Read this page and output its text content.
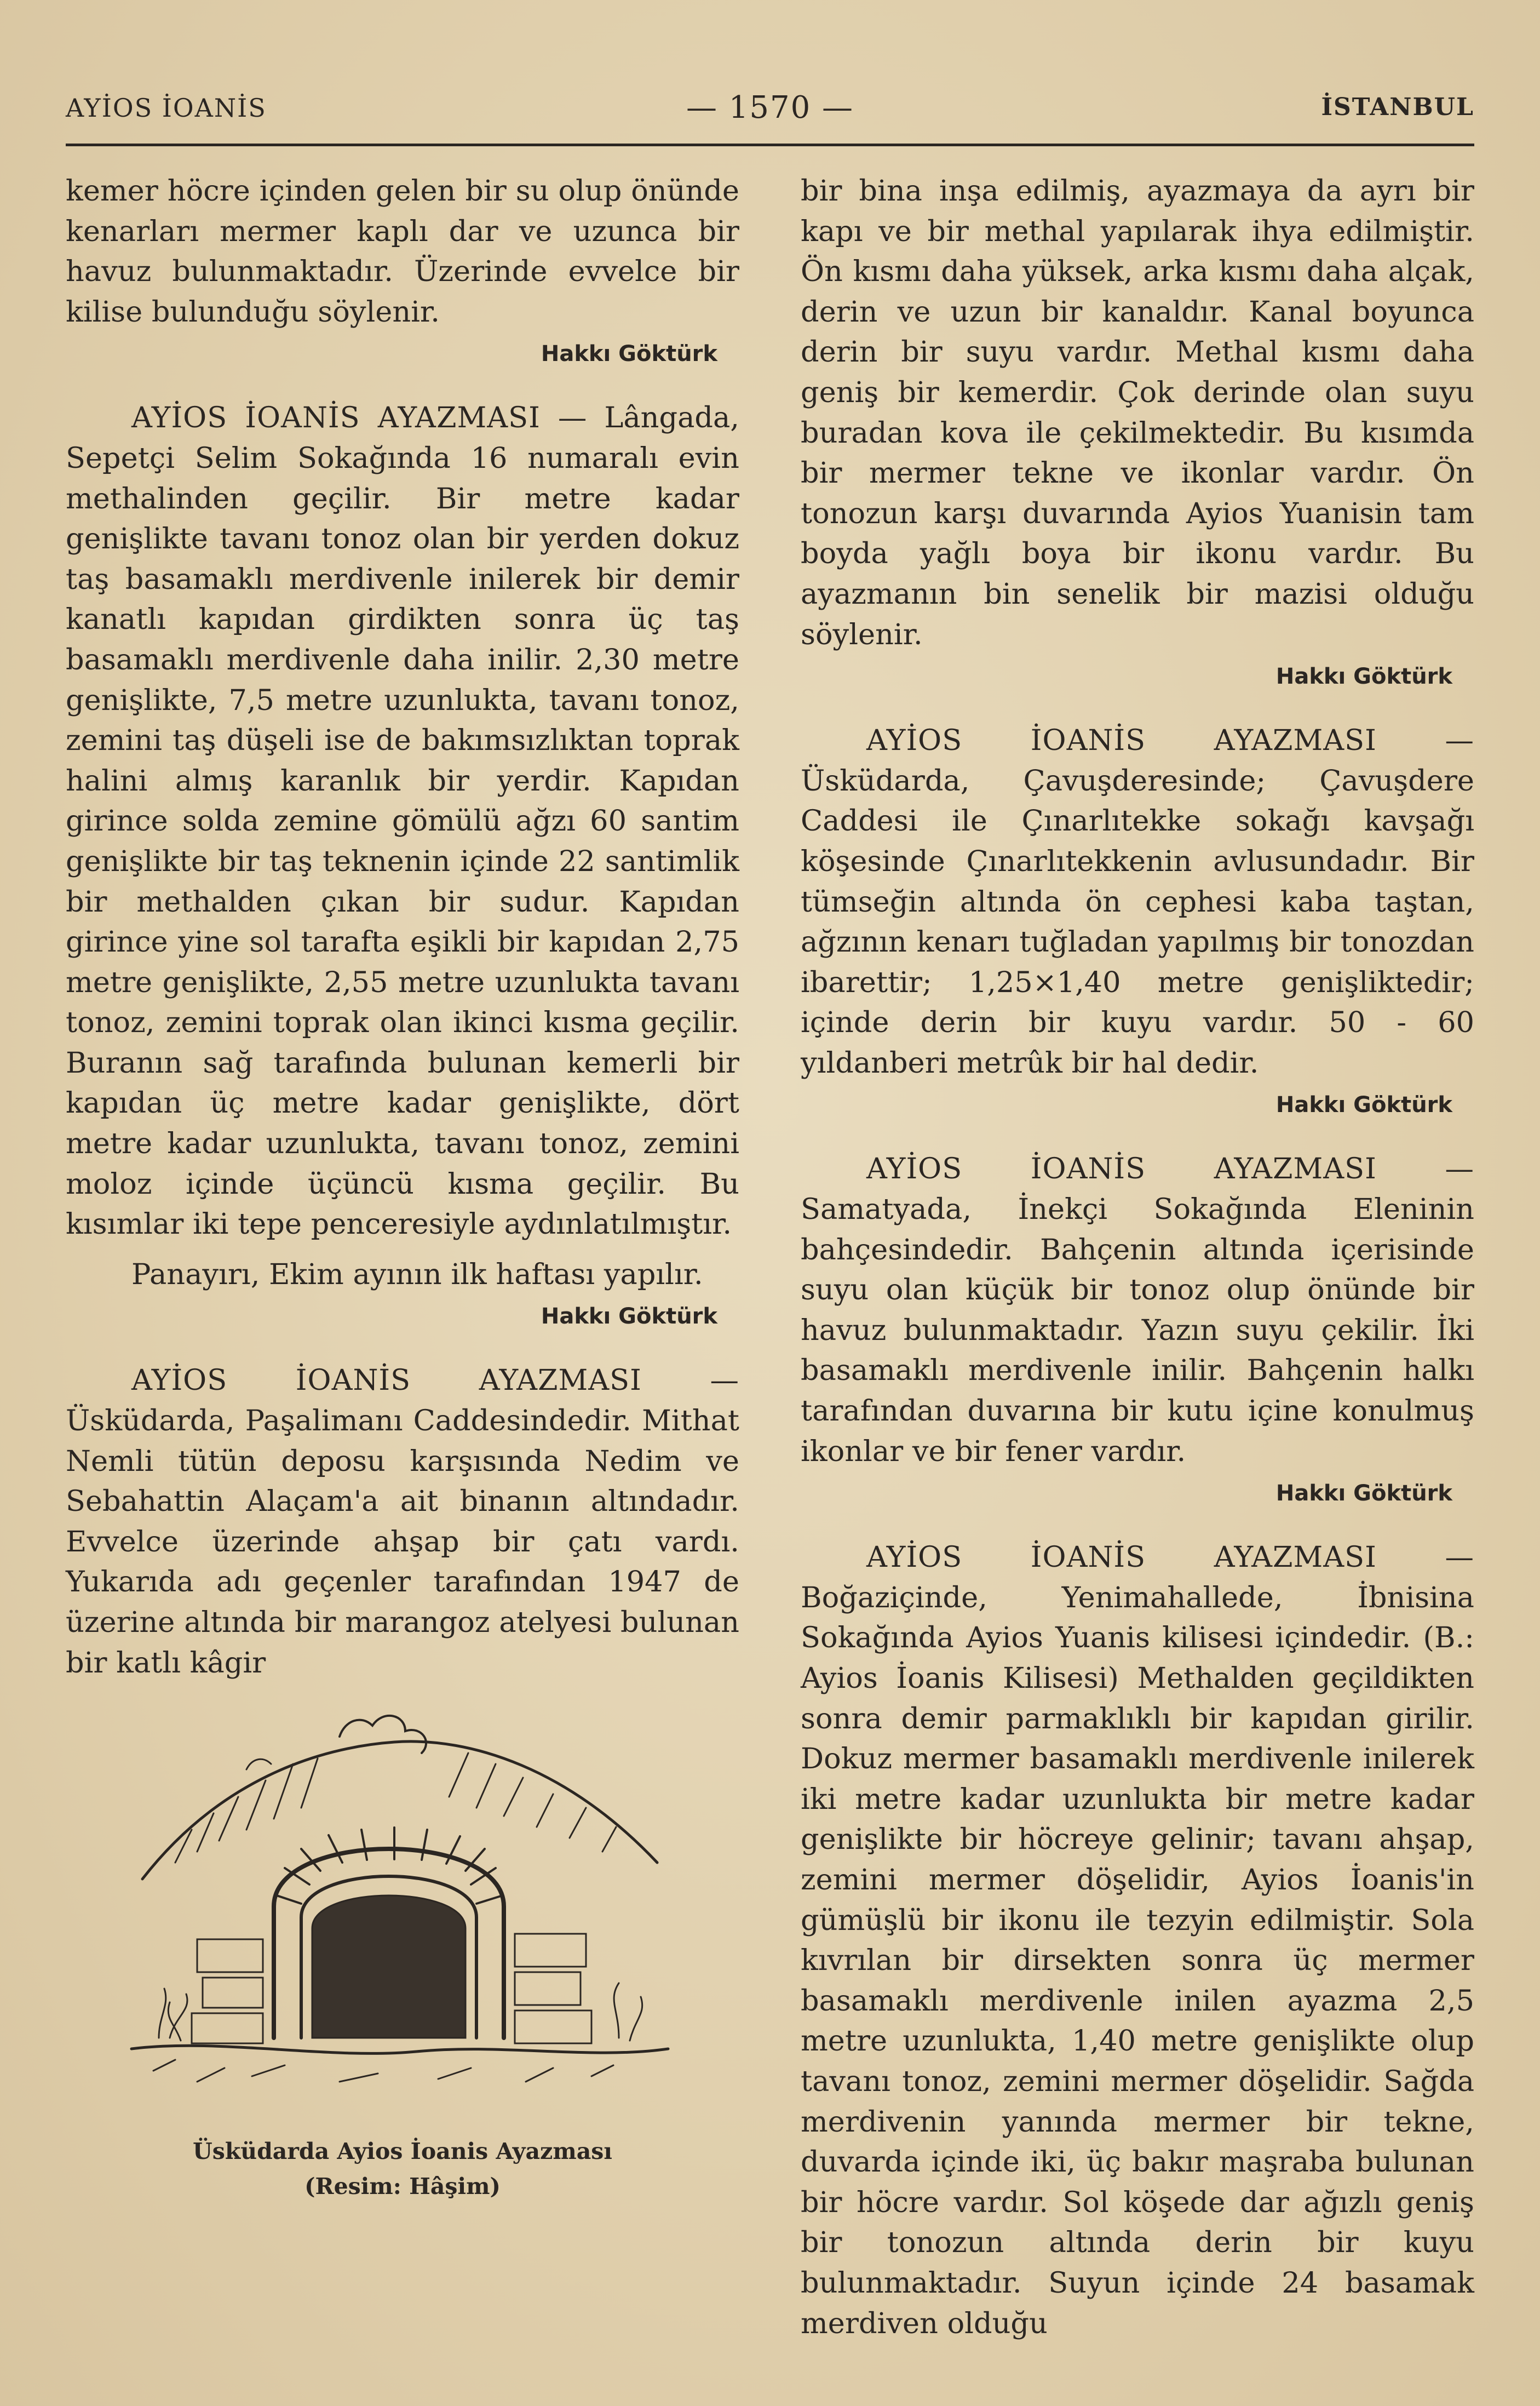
AYİOS İOANİS	— 1570 —	İSTANBUL

kemer höcre içinden gelen bir su olup önünde kenarları mermer kaplı dar ve uzunca bir havuz bulunmaktadır. Üzerinde evvelce bir kilise bulunduğu söylenir.

Hakkı Göktürk

AYİOS İOANİS AYAZMASI — Lângada, Sepetçi Selim Sokağında 16 numaralı evin methalinden geçilir. Bir metre kadar genişlikte tavanı tonoz olan bir yerden dokuz taş basamaklı merdivenle inilerek bir demir kanatlı kapıdan girdikten sonra üç taş basamaklı merdivenle daha inilir. 2,30 metre genişlikte, 7,5 metre uzunlukta, tavanı tonoz, zemini taş düşeli ise de bakımsızlıktan toprak halini almış karanlık bir yerdir. Kapıdan girince solda zemine gömülü ağzı 60 santim genişlikte bir taş teknenin içinde 22 santimlik bir methalden çıkan bir sudur. Kapıdan girince yine sol tarafta eşikli bir kapıdan 2,75 metre genişlikte, 2,55 metre uzunlukta tavanı tonoz, zemini toprak olan ikinci kısma geçilir. Buranın sağ tarafında bulunan kemerli bir kapıdan üç metre kadar genişlikte, dört metre kadar uzunlukta, tavanı tonoz, zemini moloz içinde üçüncü kısma geçilir. Bu kısımlar iki tepe penceresiyle aydınlatılmıştır.

Panayırı, Ekim ayının ilk haftası yapılır.

Hakkı Göktürk

AYİOS İOANİS AYAZMASI — Üsküdarda, Paşalimanı Caddesindedir. Mithat Nemli tütün deposu karşısında Nedim ve Sebahattin Alaçam'a ait binanın altındadır. Evvelce üzerinde ahşap bir çatı vardı. Yukarıda adı geçenler tarafından 1947 de üzerine altında bir marangoz atelyesi bulunan bir katlı kâgir

Üsküdarda Ayios İoanis Ayazması
(Resim: Hâşim)

bir bina inşa edilmiş, ayazmaya da ayrı bir kapı ve bir methal yapılarak ihya edilmiştir. Ön kısmı daha yüksek, arka kısmı daha alçak, derin ve uzun bir kanaldır. Kanal boyunca derin bir suyu vardır. Methal kısmı daha geniş bir kemerdir. Çok derinde olan suyu buradan kova ile çekilmektedir. Bu kısımda bir mermer tekne ve ikonlar vardır. Ön tonozun karşı duvarında Ayios Yuanisin tam boyda yağlı boya bir ikonu vardır. Bu ayazmanın bin senelik bir mazisi olduğu söylenir.

Hakkı Göktürk

AYİOS İOANİS AYAZMASI — Üsküdarda, Çavuşderesinde; Çavuşdere Caddesi ile Çınarlıtekke sokağı kavşağı köşesinde Çınarlıtekkenin avlusundadır. Bir tümseğin altında ön cephesi kaba taştan, ağzının kenarı tuğladan yapılmış bir tonozdan ibarettir; 1,25×1,40 metre genişliktedir; içinde derin bir kuyu vardır. 50 - 60 yıldanberi metrûk bir hal dedir.

Hakkı Göktürk

AYİOS İOANİS AYAZMASI — Samatyada, İnekçi Sokağında Eleninin bahçesindedir. Bahçenin altında içerisinde suyu olan küçük bir tonoz olup önünde bir havuz bulunmaktadır. Yazın suyu çekilir. İki basamaklı merdivenle inilir. Bahçenin halkı tarafından duvarına bir kutu içine konulmuş ikonlar ve bir fener vardır.

Hakkı Göktürk

AYİOS İOANİS AYAZMASI — Boğaziçinde, Yenimahallede, İbnisina Sokağında Ayios Yuanis kilisesi içindedir. (B.: Ayios İoanis Kilisesi) Methalden geçildikten sonra demir parmaklıklı bir kapıdan girilir. Dokuz mermer basamaklı merdivenle inilerek iki metre kadar uzunlukta bir metre kadar genişlikte bir höcreye gelinir; tavanı ahşap, zemini mermer döşelidir, Ayios İoanis'in gümüşlü bir ikonu ile tezyin edilmiştir. Sola kıvrılan bir dirsekten sonra üç mermer basamaklı merdivenle inilen ayazma 2,5 metre uzunlukta, 1,40 metre genişlikte olup tavanı tonoz, zemini mermer döşelidir. Sağda merdivenin yanında mermer bir tekne, duvarda içinde iki, üç bakır maşraba bulunan bir höcre vardır. Sol köşede dar ağızlı geniş bir tonozun altında derin bir kuyu bulunmaktadır. Suyun içinde 24 basamak merdiven olduğu
